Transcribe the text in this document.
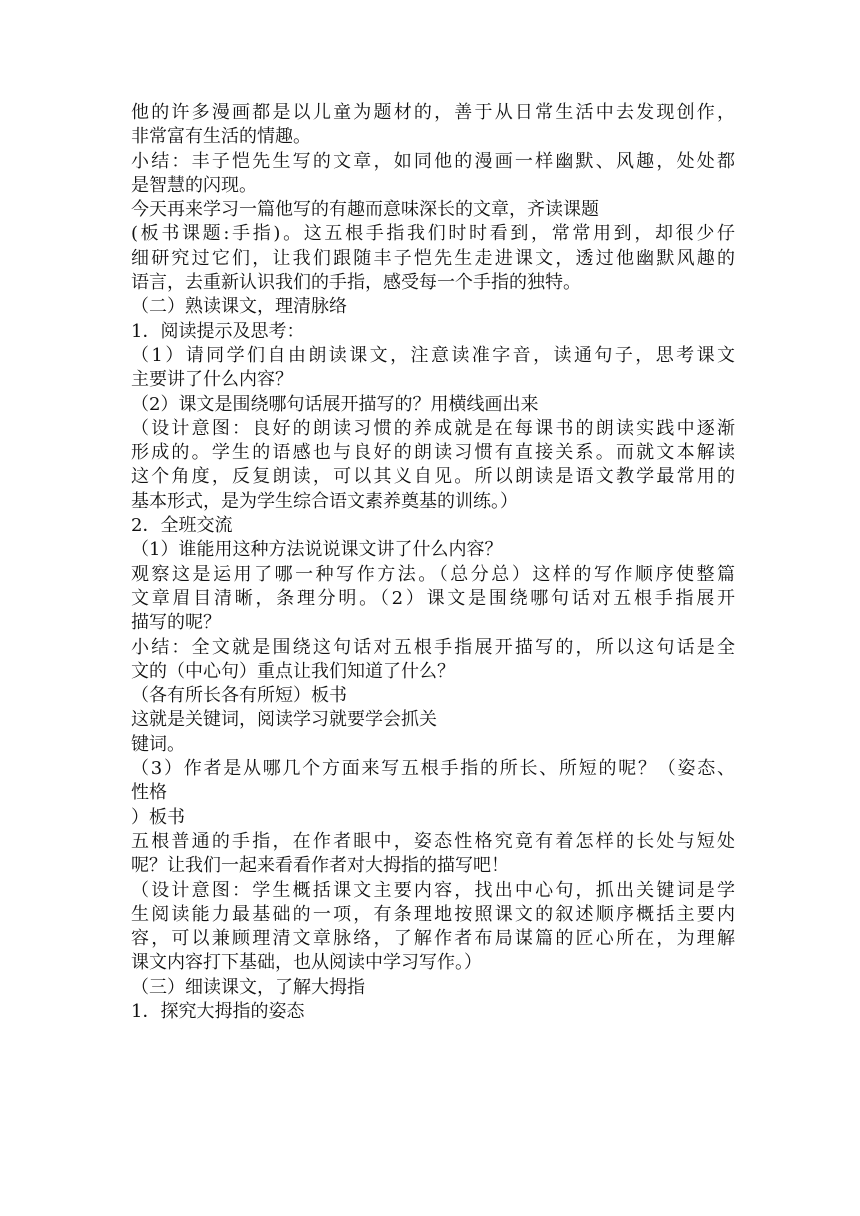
他的许多漫画都是以儿童为题材的，善于从日常生活中去发现创作，
非常富有生活的情趣。
小结：丰子恺先生写的文章，如同他的漫画一样幽默、风趣，处处都
是智慧的闪现。
今天再来学习一篇他写的有趣而意味深长的文章，齐读课题
(板书课题:手指)。这五根手指我们时时看到，常常用到，却很少仔
细研究过它们，让我们跟随丰子恺先生走进课文，透过他幽默风趣的
语言，去重新认识我们的手指，感受每一个手指的独特。
（二）熟读课文，理清脉络
1．阅读提示及思考：
（1）请同学们自由朗读课文，注意读准字音，读通句子，思考课文
主要讲了什么内容？
（2）课文是围绕哪句话展开描写的？用横线画出来
（设计意图：良好的朗读习惯的养成就是在每课书的朗读实践中逐渐
形成的。学生的语感也与良好的朗读习惯有直接关系。而就文本解读
这个角度，反复朗读，可以其义自见。所以朗读是语文教学最常用的
基本形式，是为学生综合语文素养奠基的训练。）
2．全班交流
（1）谁能用这种方法说说课文讲了什么内容？
观察这是运用了哪一种写作方法。（总分总）这样的写作顺序使整篇
文章眉目清晰，条理分明。（2）课文是围绕哪句话对五根手指展开
描写的呢？
小结：全文就是围绕这句话对五根手指展开描写的，所以这句话是全
文的（中心句）重点让我们知道了什么？
（各有所长各有所短）板书
这就是关键词，阅读学习就要学会抓关
键词。
（3）作者是从哪几个方面来写五根手指的所长、所短的呢？（姿态、
性格
）板书
五根普通的手指，在作者眼中，姿态性格究竟有着怎样的长处与短处
呢？让我们一起来看看作者对大拇指的描写吧！
（设计意图：学生概括课文主要内容，找出中心句，抓出关键词是学
生阅读能力最基础的一项，有条理地按照课文的叙述顺序概括主要内
容，可以兼顾理清文章脉络，了解作者布局谋篇的匠心所在，为理解
课文内容打下基础，也从阅读中学习写作。）
（三）细读课文，了解大拇指
1．探究大拇指的姿态
